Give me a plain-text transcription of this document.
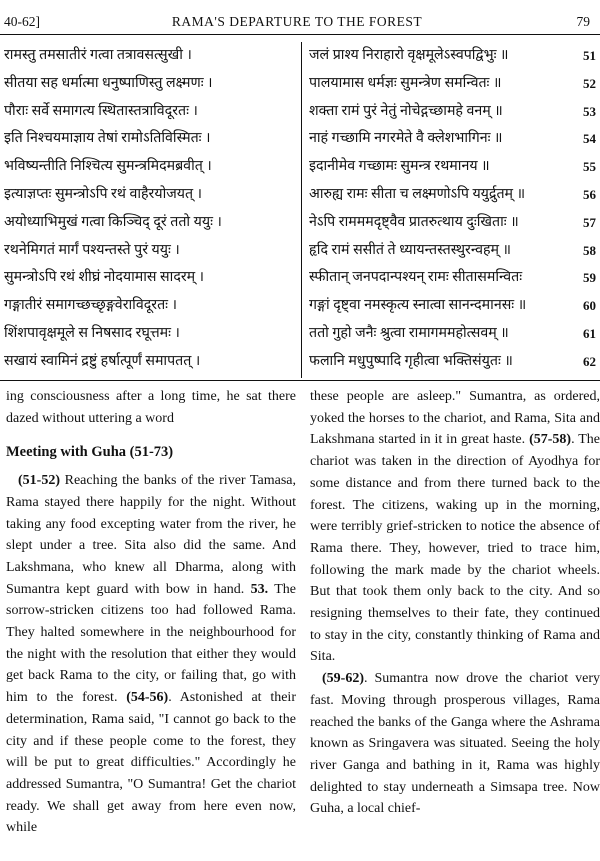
40-62]	RAMA'S DEPARTURE TO THE FOREST	79
रामस्तु तमसातीरं गत्वा तत्रावसत्सुखी ।	जलं प्राश्य निराहारो वृक्षमूलेऽस्वपद्विभुः ॥	51
सीतया सह धर्मात्मा धनुष्पाणिस्तु लक्ष्मणः ।	पालयामास धर्मज्ञः सुमन्त्रेण समन्वितः ॥	52
पौराः सर्वे समागत्य स्थितास्तत्राविदूरतः ।	शक्ता रामं पुरं नेतुं नोचेद्गच्छामहे वनम् ॥	53
इति निश्चयमाज्ञाय तेषां रामोऽतिविस्मितः ।	नाहं गच्छामि नगरमेते वै क्लेशभागिनः ॥	54
भविष्यन्तीति निश्चित्य सुमन्त्रमिदमब्रवीत् ।	इदानीमेव गच्छामः सुमन्त्र रथमानय ॥	55
इत्याज्ञप्तः सुमन्त्रोऽपि रथं वाहैरयोजयत् ।	आरुह्य रामः सीता च लक्ष्मणोऽपि ययुर्द्रुतम् ॥	56
अयोध्याभिमुखं गत्वा किञ्चिद् दूरं ततो ययुः ।	नेऽपि रामममदृष्ट्वैव प्रातरुत्थाय दुःखिताः ॥	57
रथनेमिगतं मार्गं पश्यन्तस्ते पुरं ययुः ।	हृदि रामं ससीतं ते ध्यायन्तस्तस्थुरन्वहम् ॥	58
सुमन्त्रोऽपि रथं शीघ्रं नोदयामास सादरम् ।	स्फीतान् जनपदान्पश्यन् रामः सीतासमन्वितः	59
गङ्गातीरं समागच्छच्छृङ्गवेराविदूरतः ।	गङ्गां दृष्ट्वा नमस्कृत्य स्नात्वा सानन्दमानसः ॥	60
शिंशपावृक्षमूले स निषसाद रघूत्तमः ।	ततो गुहो जनैः श्रुत्वा रामागममहोत्सवम् ॥	61
सखायं स्वामिनं द्रष्टुं हर्षात्पूर्णं समापतत् ।	फलानि मधुपुष्पादि गृहीत्वा भक्तिसंयुतः ॥	62

ing consciousness after a long time, he sat there dazed without uttering a word

Meeting with Guha (51-73)

(51-52) Reaching the banks of the river Tamasa, Rama stayed there happily for the night. Without taking any food excepting water from the river, he slept under a tree. Sita also did the same. And Lakshmana, who knew all Dharma, along with Sumantra kept guard with bow in hand. 53. The sorrow-stricken citizens too had followed Rama. They halted somewhere in the neighbourhood for the night with the resolution that either they would get back Rama to the city, or failing that, go with him to the forest. (54-56). Astonished at their determination, Rama said, "I cannot go back to the city and if these people come to the forest, they will be put to great difficulties." Accordingly he addressed Sumantra, "O Sumantra! Get the chariot ready. We shall get away from here even now, while

these people are asleep." Sumantra, as ordered, yoked the horses to the chariot, and Rama, Sita and Lakshmana started in it in great haste. (57-58). The chariot was taken in the direction of Ayodhya for some distance and from there turned back to the forest. The citizens, waking up in the morning, were terribly grief-stricken to notice the absence of Rama there. They, however, tried to trace him, following the mark made by the chariot wheels. But that took them only back to the city. And so resigning themselves to their fate, they continued to stay in the city, constantly thinking of Rama and Sita.

(59-62). Sumantra now drove the chariot very fast. Moving through prosperous villages, Rama reached the banks of the Ganga where the Ashrama known as Sringavera was situated. Seeing the holy river Ganga and bathing in it, Rama was highly delighted to stay underneath a Simsapa tree. Now Guha, a local chief-
